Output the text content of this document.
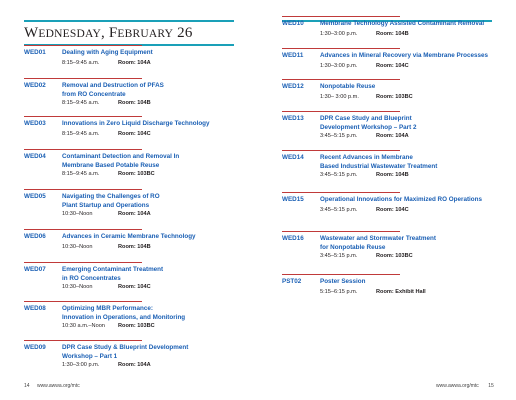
WEDNESDAY, FEBRUARY 26
WED01	Dealing with Aging Equipment
8:15–9:45 a.m.	Room: 104A
WED02	Removal and Destruction of PFAS
from RO Concentrate
8:15–9:45 a.m.	Room: 104B
WED03	Innovations in Zero Liquid Discharge Technology
8:15–9:45 a.m.	Room: 104C
WED04	Contaminant Detection and Removal In
Membrane Based Potable Reuse
8:15–9:45 a.m.	Room: 103BC
WED05	Navigating the Challenges of RO
Plant Startup and Operations
10:30–Noon	Room: 104A
WED06	Advances in Ceramic Membrane Technology
10:30–Noon	Room: 104B
WED07	Emerging Contaminant Treatment
in RO Concentrates
10:30–Noon	Room: 104C
WED08	Optimizing MBR Performance:
Innovation in Operations, and Monitoring
10:30 a.m.–Noon Room: 103BC
WED09	DPR Case Study & Blueprint Development
Workshop – Part 1
1:30–3:00 p.m.	Room: 104A
14 www.awwa.org/mtc
WED10	Membrane Technology Assisted Contaminant Removal
1:30–3:00 p.m.	Room: 104B
WED11	Advances in Mineral Recovery via Membrane Processes
1:30–3:00 p.m.	Room: 104C
WED12	Nonpotable Reuse
1:30– 3:00 p.m.	Room: 103BC
WED13	DPR Case Study and Blueprint
Development Workshop – Part 2
3:45–5:15 p.m.	Room: 104A
WED14	Recent Advances in Membrane
Based Industrial Wastewater Treatment
3:45–5:15 p.m.	Room: 104B
WED15	Operational Innovations for Maximized RO Operations
3:45–5:15 p.m.	Room: 104C
WED16	Wastewater and Stormwater Treatment
for Nonpotable Reuse
3:45–5:15 p.m.	Room: 103BC
PST02	Poster Session
5:15–6:15 p.m.	Room: Exhibit Hall
www.awwa.org/mtc 15
